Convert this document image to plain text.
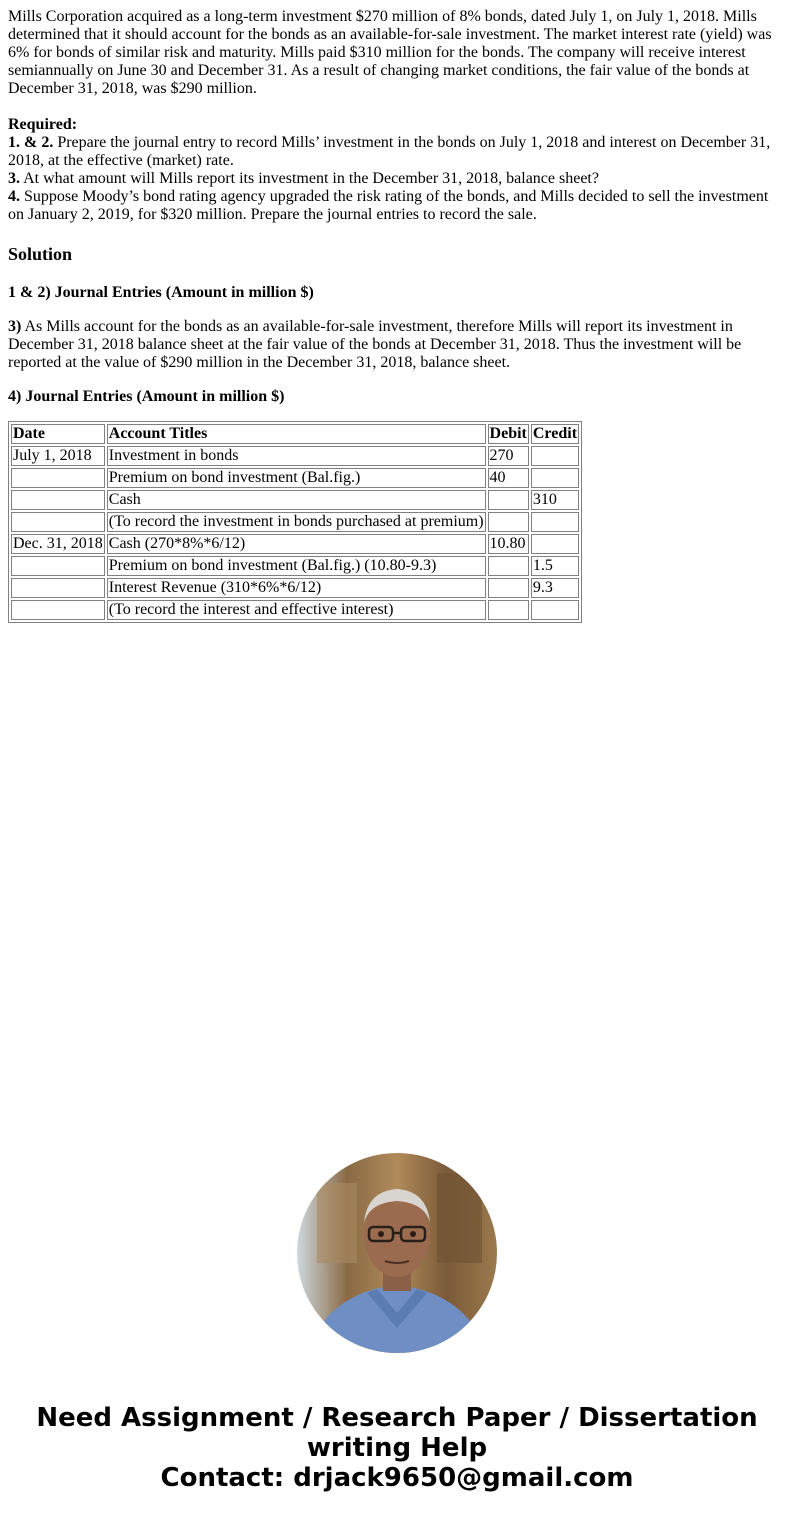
Mills Corporation acquired as a long-term investment $270 million of 8% bonds, dated July 1, on July 1, 2018. Mills determined that it should account for the bonds as an available-for-sale investment. The market interest rate (yield) was 6% for bonds of similar risk and maturity. Mills paid $310 million for the bonds. The company will receive interest semiannually on June 30 and December 31. As a result of changing market conditions, the fair value of the bonds at December 31, 2018, was $290 million.

Required:

1. & 2. Prepare the journal entry to record Mills’ investment in the bonds on July 1, 2018 and interest on December 31, 2018, at the effective (market) rate.

3. At what amount will Mills report its investment in the December 31, 2018, balance sheet?

4. Suppose Moody’s bond rating agency upgraded the risk rating of the bonds, and Mills decided to sell the investment on January 2, 2019, for $320 million. Prepare the journal entries to record the sale.

Solution
1 & 2) Journal Entries (Amount in million $)

3) As Mills account for the bonds as an available-for-sale investment, therefore Mills will report its investment in December 31, 2018 balance sheet at the fair value of the bonds at December 31, 2018. Thus the investment will be reported at the value of $290 million in the December 31, 2018, balance sheet.

4) Journal Entries (Amount in million $)
Date	Account Titles	Debit	Credit
July 1, 2018	Investment in bonds	270	
	Premium on bond investment (Bal.fig.)	40	
	Cash		310
	(To record the investment in bonds purchased at premium)		
Dec. 31, 2018	Cash (270*8%*6/12)	10.80	
	Premium on bond investment (Bal.fig.) (10.80-9.3)		1.5
	Interest Revenue (310*6%*6/12)		9.3
	(To record the interest and effective interest)		
Need Assignment / Research Paper / Dissertation writing Help
Contact: drjack9650@gmail.com
